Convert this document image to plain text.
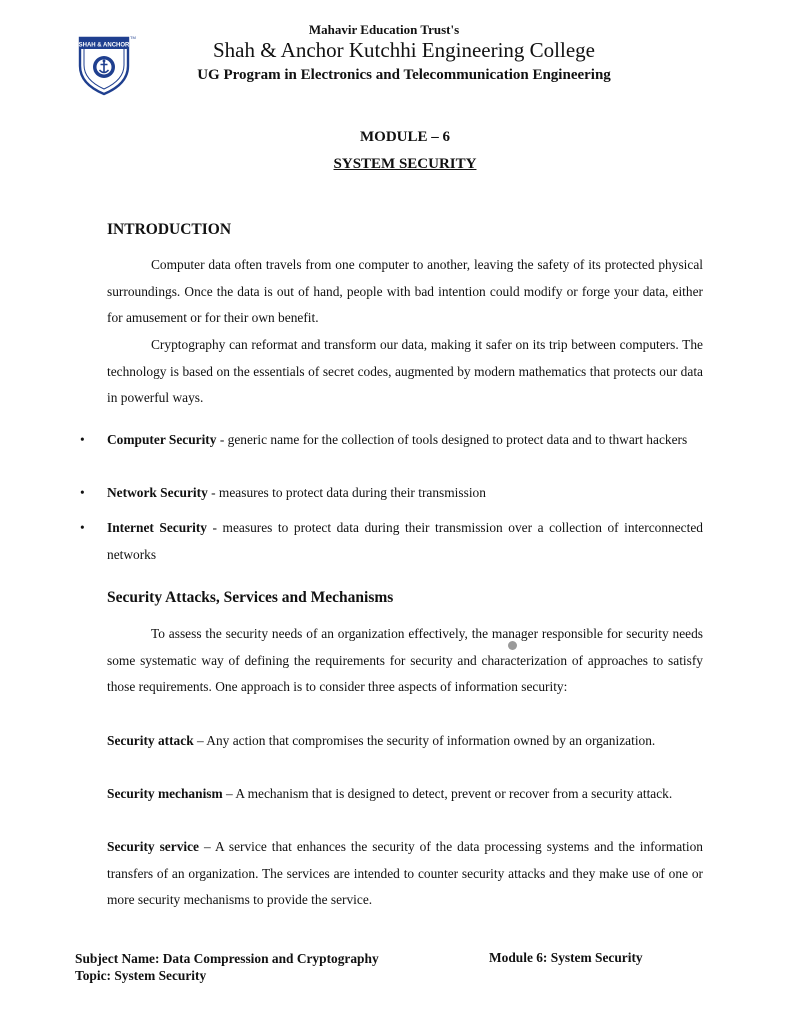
SHAH & ANCHOR
TM
Mahavir Education Trust's
Shah & Anchor Kutchhi Engineering College
UG Program in Electronics and Telecommunication Engineering
MODULE – 6
SYSTEM SECURITY
INTRODUCTION
Computer data often travels from one computer to another, leaving the safety of its protected physical surroundings. Once the data is out of hand, people with bad intention could modify or forge your data, either for amusement or for their own benefit.
Cryptography can reformat and transform our data, making it safer on its trip between computers. The technology is based on the essentials of secret codes, augmented by modern mathematics that protects our data in powerful ways.
•	Computer Security - generic name for the collection of tools designed to protect data and to thwart hackers
•	Network Security - measures to protect data during their transmission
•	Internet Security - measures to protect data during their transmission over a collection of interconnected networks
Security Attacks, Services and Mechanisms
To assess the security needs of an organization effectively, the manager responsible for security needs some systematic way of defining the requirements for security and characterization of approaches to satisfy those requirements. One approach is to consider three aspects of information security:
Security attack – Any action that compromises the security of information owned by an organization.
Security mechanism – A mechanism that is designed to detect, prevent or recover from a security attack.
Security service – A service that enhances the security of the data processing systems and the information transfers of an organization. The services are intended to counter security attacks and they make use of one or more security mechanisms to provide the service.
Subject Name: Data Compression and Cryptography
Topic: System Security
Module 6: System Security
